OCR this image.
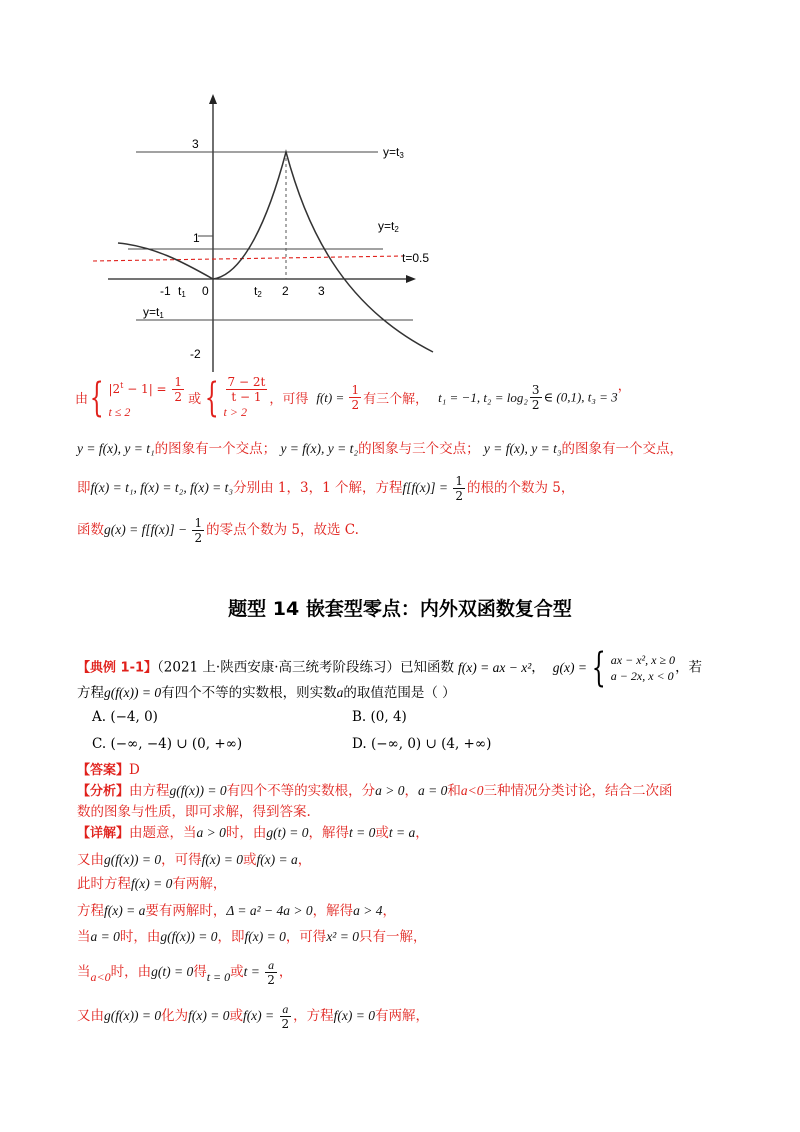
3
1
-2
-1 t1 0	t2 2 3
y=t3
y=t2
t=0.5
y=t1
由{ $|2^t - 1| = \frac{1}{2}$
t ≤ 2
或{ $\frac{7 - 2t}{t - 1}$
t > 2
，可得 $f(t) = \frac{1}{2}$ 有三个解， t₁ = −1, $t_2 = \log_2 \frac{3}{2}$ ∈ (0,1), t₃ = 3，
y = f(x), y = t₁的图象有一个交点； y = f(x), y = t₂的图象与三个交点； y = f(x), y = t₃的图象有一个交点，
即f(x) = t₁, f(x) = t₂, f(x) = t₃分别由 1，3，1 个解，方程$f[f(x)] = \frac{1}{2}$ 的根的个数为 5，
函数$g(x) = f[f(x)] - \frac{1}{2}$ 的零点个数为 5，故选 C.
题型 14 嵌套型零点：内外双函数复合型
【典例 1-1】（2021 上·陕西安康·高三统考阶段练习）已知函数 f(x) = ax − x²， g(x) = { ax − x², x ≥ 0
a − 2x, x < 0
，若
方程g(f(x)) = 0有四个不等的实数根，则实数a的取值范围是（ ）
A. (−4, 0)	B. (0, 4)
C. (−∞, −4) ∪ (0, +∞)	D. (−∞, 0) ∪ (4, +∞)
【答案】D
【分析】由方程g(f(x)) = 0有四个不等的实数根，分a > 0，a = 0和a<0三种情况分类讨论，结合二次函
数的图象与性质，即可求解，得到答案.
【详解】由题意，当a > 0时，由g(t) = 0，解得t = 0或t = a，
又由g(f(x)) = 0，可得f(x) = 0或f(x) = a，
此时方程f(x) = 0有两解，
方程f(x) = a要有两解时，Δ = a² − 4a > 0，解得a > 4，
当a = 0时，由g(f(x)) = 0，即f(x) = 0，可得x² = 0只有一解，
当a<0时，由g(t) = 0得t = 0或$t = \frac{a}{2}$ ，
又由g(f(x)) = 0化为f(x) = 0或$f(x) = \frac{a}{2}$ ，方程f(x) = 0有两解，
